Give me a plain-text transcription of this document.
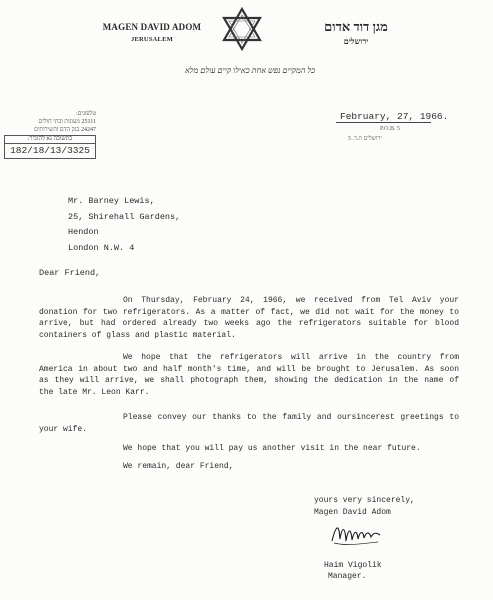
MAGEN DAVID ADOM
JERUSALEM
מגן דוד אדום
ירושלים
כל המקיים נפש אחת כאילו קיים עולם מלא
טלפונים:
25111 מעונות ובתי חולים
24247 בנק הדם והשירותים
בתשובה נא להזכיר:
182/18/13/3325
February, 27, 1966.
P.O.B. 5
ירושלים ת.ד. 5
Mr. Barney Lewis,
25, Shirehall Gardens,
Hendon
London N.W. 4
Dear Friend,
On Thursday, February 24, 1966, we received from Tel Aviv your donation for two refrigerators. As a matter of fact, we did not wait for the money to arrive, but had ordered already two weeks ago the refrigerators suitable for blood containers of glass and plastic material.
We hope that the refrigerators will arrive in the country from America in about two and half month's time, and will be brought to Jerusalem. As soon as they will arrive, we shall photograph them, showing the dedication in the name of the late Mr. Leon Karr.
Please convey our thanks to the family and oursincerest greetings to your wife.
We hope that you will pay us another visit in the near future.
We remain, dear Friend,
yours very sincerely,
Magen David Adom
Haim Vigolik
Manager.
